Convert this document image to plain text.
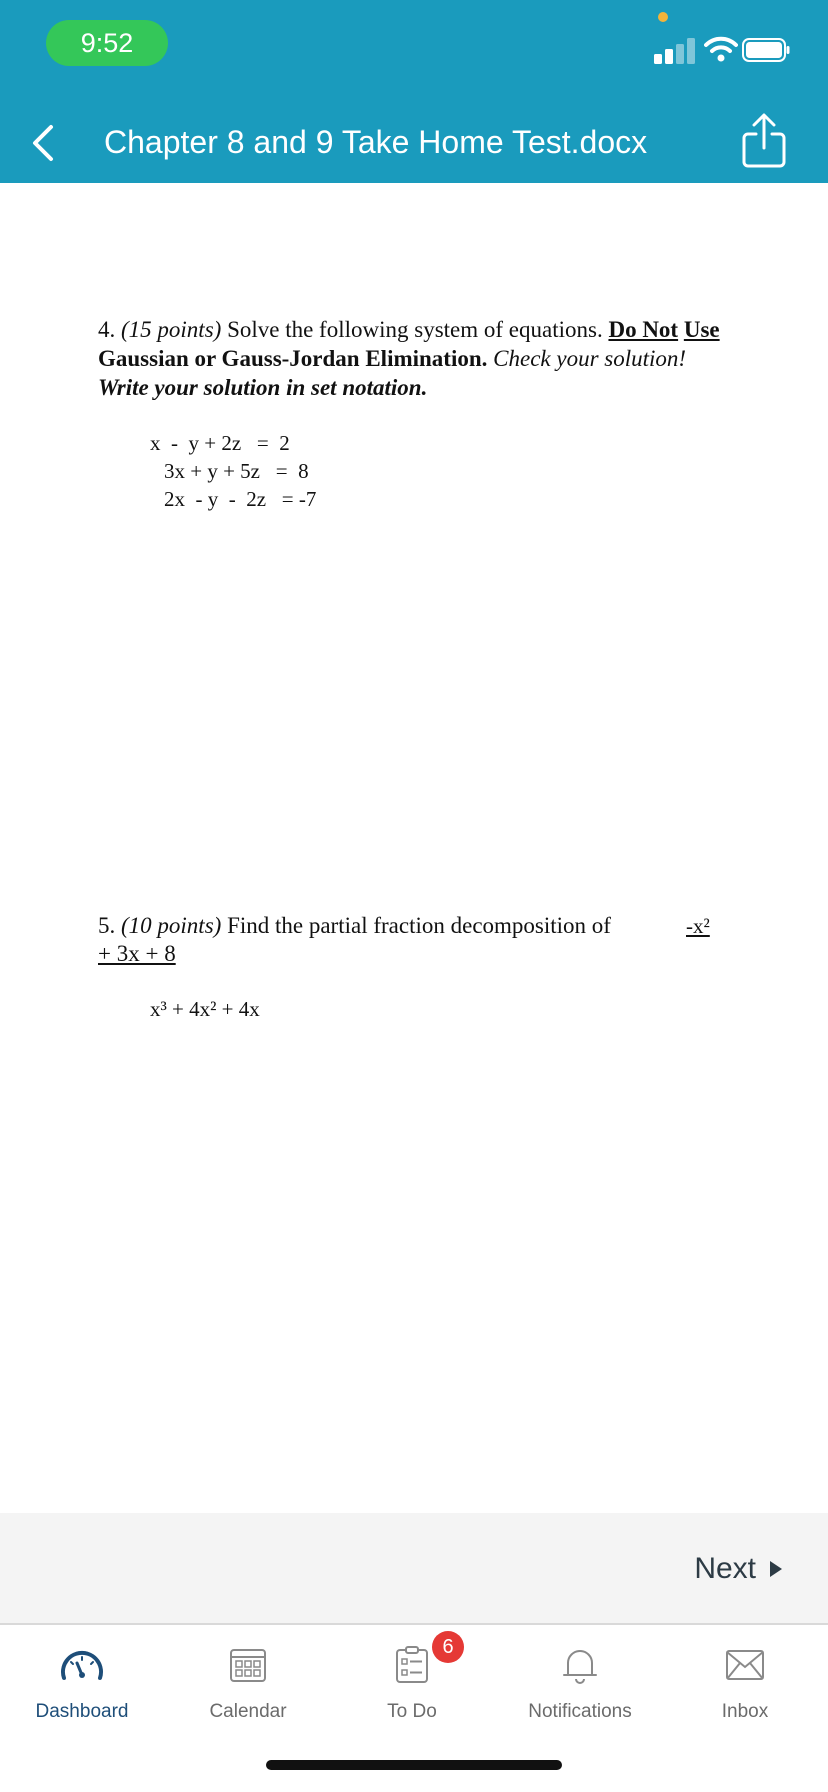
9:52
Chapter 8 and 9 Take Home Test.docx
4. (15 points) Solve the following system of equations. Do Not Use Gaussian or Gauss-Jordan Elimination. Check your solution! Write your solution in set notation.
x  -  y + 2z   =  2
3x + y + 5z   =  8
2x  - y  -  2z   = -7
5. (10 points) Find the partial fraction decomposition of	-x²
+ 3x + 8
x³ + 4x² + 4x
Next
Dashboard	Calendar
6
To Do	Notifications	Inbox
